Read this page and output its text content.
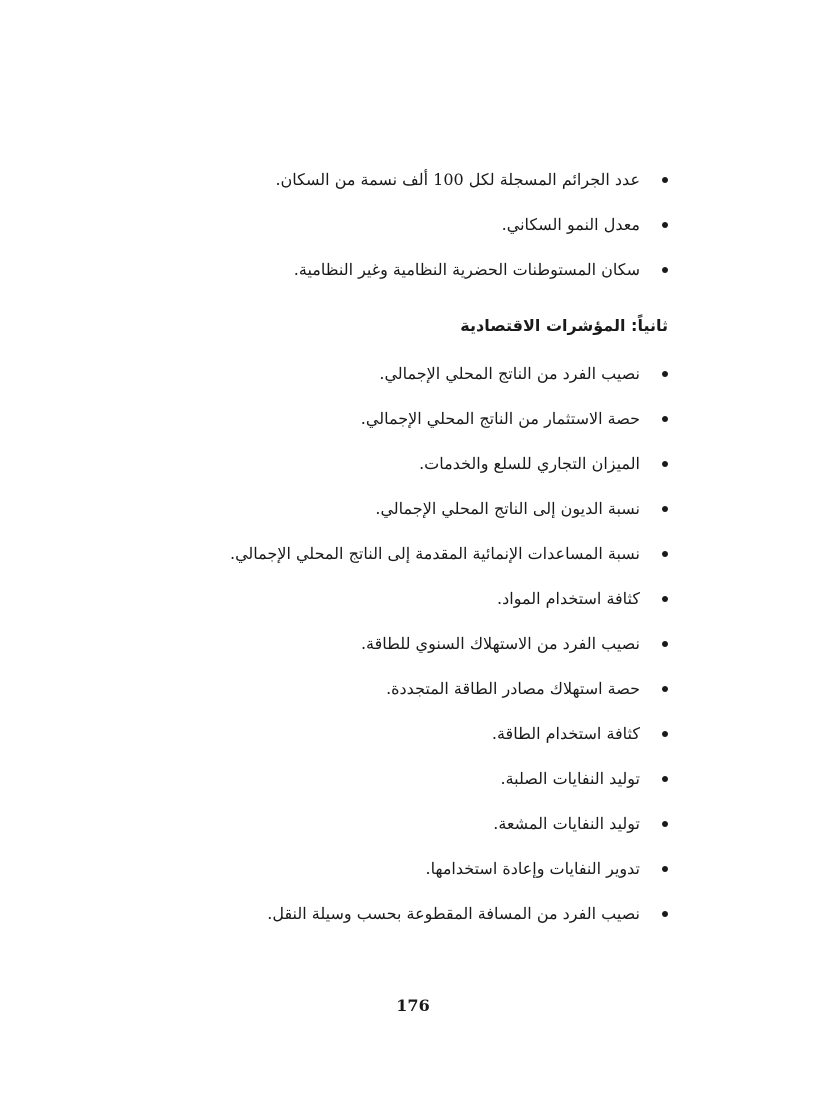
عدد الجرائم المسجلة لكل 100 ألف نسمة من السكان.
معدل النمو السكاني.
سكان المستوطنات الحضرية النظامية وغير النظامية.
ثانياً: المؤشرات الاقتصادية
نصيب الفرد من الناتج المحلي الإجمالي.
حصة الاستثمار من الناتج المحلي الإجمالي.
الميزان التجاري للسلع والخدمات.
نسبة الديون إلى الناتج المحلي الإجمالي.
نسبة المساعدات الإنمائية المقدمة إلى الناتج المحلي الإجمالي.
كثافة استخدام المواد.
نصيب الفرد من الاستهلاك السنوي للطاقة.
حصة استهلاك مصادر الطاقة المتجددة.
كثافة استخدام الطاقة.
توليد النفايات الصلبة.
توليد النفايات المشعة.
تدوير النفايات وإعادة استخدامها.
نصيب الفرد من المسافة المقطوعة بحسب وسيلة النقل.
176
